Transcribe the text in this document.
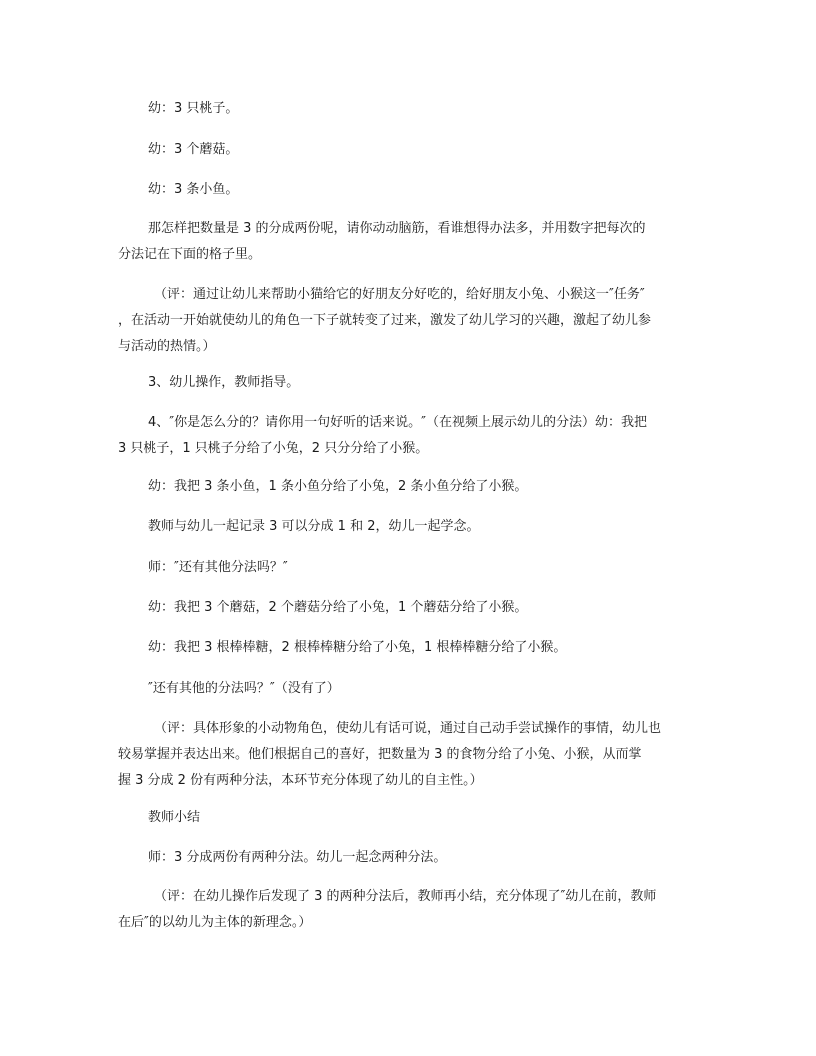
幼：3 只桃子。

幼：3 个蘑菇。

幼：3 条小鱼。

那怎样把数量是 3 的分成两份呢，请你动动脑筋，看谁想得办法多，并用数字把每次的
分法记在下面的格子里。

（评：通过让幼儿来帮助小猫给它的好朋友分好吃的，给好朋友小兔、小猴这一″任务″
，在活动一开始就使幼儿的角色一下子就转变了过来，激发了幼儿学习的兴趣，激起了幼儿参
与活动的热情。）

3、幼儿操作，教师指导。

4、″你是怎么分的？请你用一句好听的话来说。″（在视频上展示幼儿的分法）幼：我把
3 只桃子，1 只桃子分给了小兔，2 只分分给了小猴。

幼：我把 3 条小鱼，1 条小鱼分给了小兔，2 条小鱼分给了小猴。

教师与幼儿一起记录 3 可以分成 1 和 2，幼儿一起学念。

师：″还有其他分法吗？″

幼：我把 3 个蘑菇，2 个蘑菇分给了小兔，1 个蘑菇分给了小猴。

幼：我把 3 根棒棒糖，2 根棒棒糖分给了小兔，1 根棒棒糖分给了小猴。

″还有其他的分法吗？″（没有了）

（评：具体形象的小动物角色，使幼儿有话可说，通过自己动手尝试操作的事情，幼儿也
较易掌握并表达出来。他们根据自己的喜好，把数量为 3 的食物分给了小兔、小猴，从而掌
握 3 分成 2 份有两种分法，本环节充分体现了幼儿的自主性。）

教师小结

师：3 分成两份有两种分法。幼儿一起念两种分法。

（评：在幼儿操作后发现了 3 的两种分法后，教师再小结，充分体现了″幼儿在前，教师
在后″的以幼儿为主体的新理念。）
